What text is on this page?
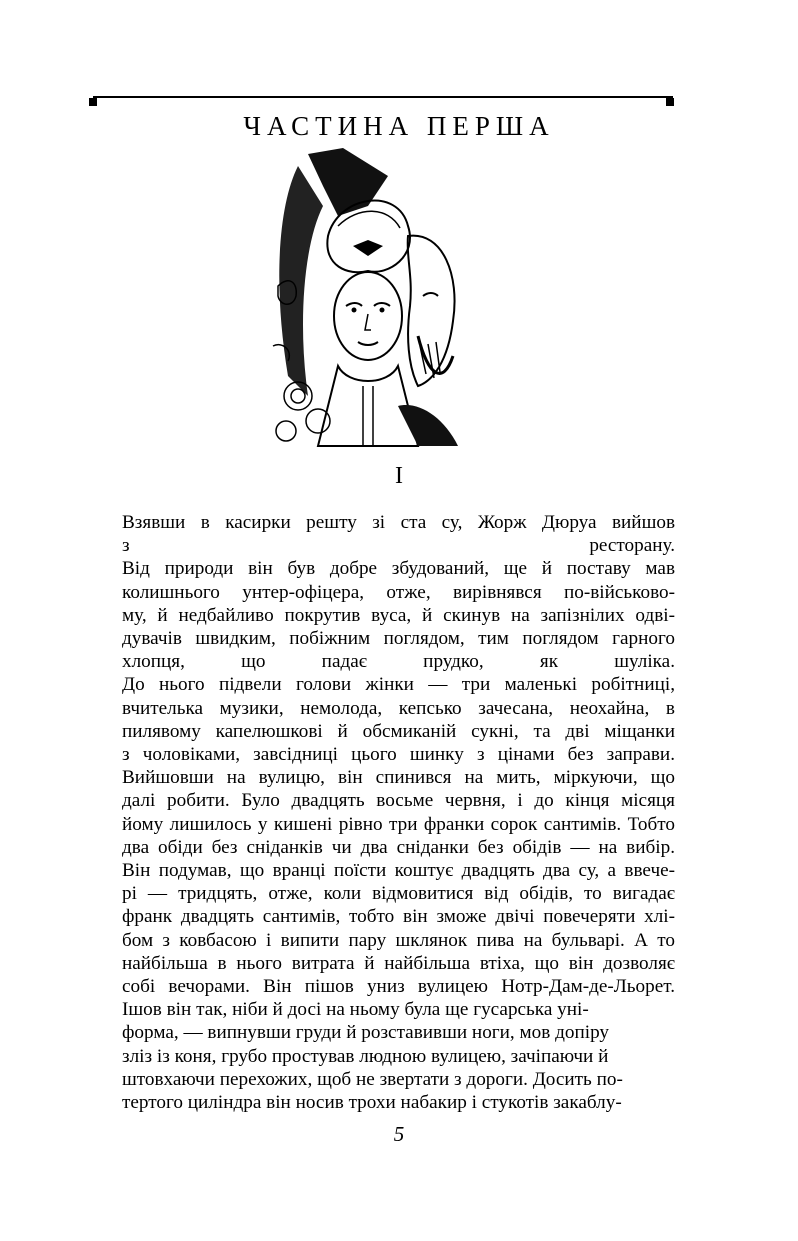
ЧАСТИНА ПЕРША
I

Взявши в касирки решту зі ста су, Жорж Дюруа вийшов
з ресторану.

Від природи він був добре збудований, ще й поставу мав
колишнього унтер-офіцера, отже, вирівнявся по-військово-
му, й недбайливо покрутив вуса, й скинув на запізнілих одві-
дувачів швидким, побіжним поглядом, тим поглядом гарного
хлопця, що падає прудко, як шуліка.

До нього підвели голови жінки — три маленькі робітниці,
вчителька музики, немолода, кепсько зачесана, неохайна, в
пилявому капелюшкові й обсмиканій сукні, та дві міщанки
з чоловіками, завсідниці цього шинку з цінами без заправи.

Вийшовши на вулицю, він спинився на мить, міркуючи, що
далі робити. Було двадцять восьме червня, і до кінця місяця
йому лишилось у кишені рівно три франки сорок сантимів. Тобто
два обіди без сніданків чи два сніданки без обідів — на вибір.
Він подумав, що вранці поїсти коштує двадцять два су, а ввече-
рі — тридцять, отже, коли відмовитися від обідів, то вигадає
франк двадцять сантимів, тобто він зможе двічі повечеряти хлі-
бом з ковбасою і випити пару шклянок пива на бульварі. А то
найбільша в нього витрата й найбільша втіха, що він дозволяє
собі вечорами. Він пішов униз вулицею Нотр-Дам-де-Льорет.

Ішов він так, ніби й досі на ньому була ще гусарська уні-
форма, — випнувши груди й розставивши ноги, мов допіру
зліз із коня, грубо простував людною вулицею, зачіпаючи й
штовхаючи перехожих, щоб не звертати з дороги. Досить по-
тертого циліндра він носив трохи набакир і стукотів закаблу-

5
